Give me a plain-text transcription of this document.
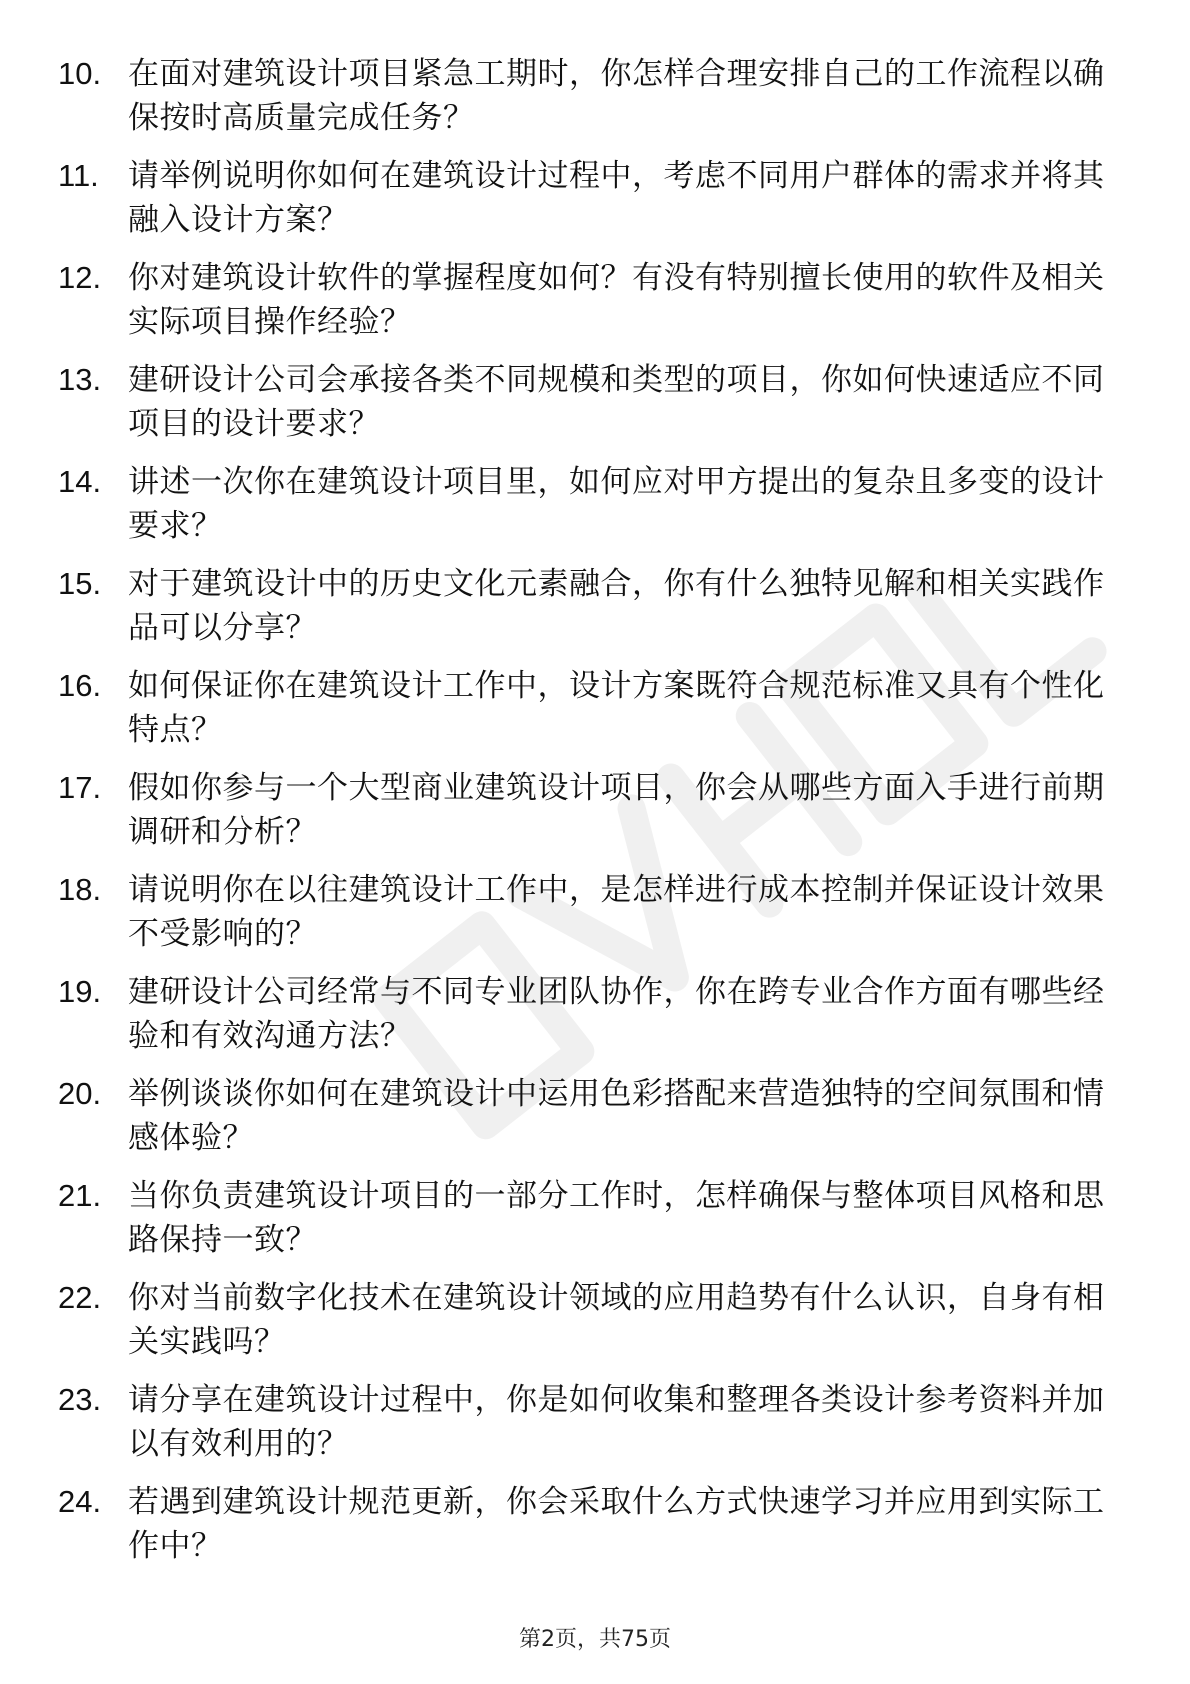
10. 在面对建筑设计项目紧急工期时，你怎样合理安排自己的工作流程以确保按时高质量完成任务？
11. 请举例说明你如何在建筑设计过程中，考虑不同用户群体的需求并将其融入设计方案？
12. 你对建筑设计软件的掌握程度如何？有没有特别擅长使用的软件及相关实际项目操作经验？
13. 建研设计公司会承接各类不同规模和类型的项目，你如何快速适应不同项目的设计要求？
14. 讲述一次你在建筑设计项目里，如何应对甲方提出的复杂且多变的设计要求？
15. 对于建筑设计中的历史文化元素融合，你有什么独特见解和相关实践作品可以分享？
16. 如何保证你在建筑设计工作中，设计方案既符合规范标准又具有个性化特点？
17. 假如你参与一个大型商业建筑设计项目，你会从哪些方面入手进行前期调研和分析？
18. 请说明你在以往建筑设计工作中，是怎样进行成本控制并保证设计效果不受影响的？
19. 建研设计公司经常与不同专业团队协作，你在跨专业合作方面有哪些经验和有效沟通方法？
20. 举例谈谈你如何在建筑设计中运用色彩搭配来营造独特的空间氛围和情感体验？
21. 当你负责建筑设计项目的一部分工作时，怎样确保与整体项目风格和思路保持一致？
22. 你对当前数字化技术在建筑设计领域的应用趋势有什么认识，自身有相关实践吗？
23. 请分享在建筑设计过程中，你是如何收集和整理各类设计参考资料并加以有效利用的？
24. 若遇到建筑设计规范更新，你会采取什么方式快速学习并应用到实际工作中？
第2页，共75页
